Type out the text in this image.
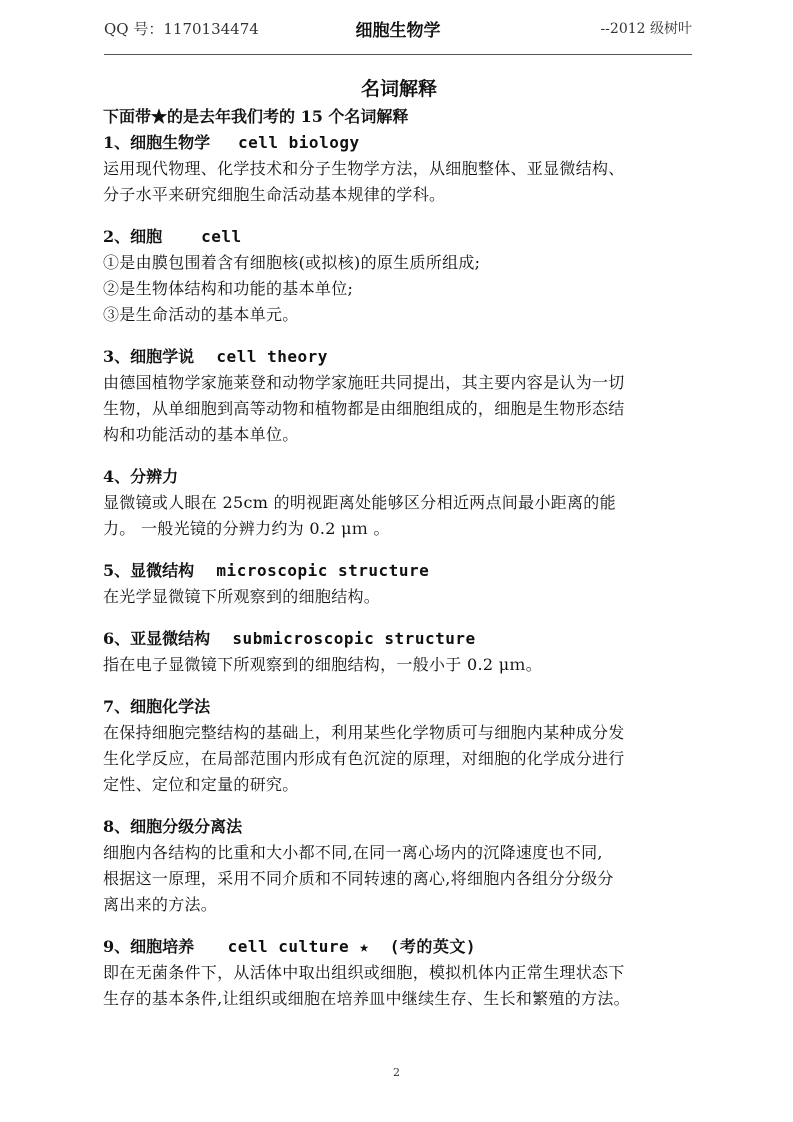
QQ 号：1170134474	细胞生物学	--2012 级树叶

名词解释

下面带★的是去年我们考的 15 个名词解释

1、细胞生物学 cell biology

运用现代物理、化学技术和分子生物学方法，从细胞整体、亚显微结构、

分子水平来研究细胞生命活动基本规律的学科。

2、细胞 cell

①是由膜包围着含有细胞核(或拟核)的原生质所组成;

②是生物体结构和功能的基本单位;

③是生命活动的基本单元。

3、细胞学说 cell theory

由德国植物学家施莱登和动物学家施旺共同提出，其主要内容是认为一切

生物，从单细胞到高等动物和植物都是由细胞组成的，细胞是生物形态结

构和功能活动的基本单位。

4、分辨力

显微镜或人眼在 25cm 的明视距离处能够区分相近两点间最小距离的能

力。 一般光镜的分辨力约为 0.2 μｍ 。

5、显微结构 microscopic structure

在光学显微镜下所观察到的细胞结构。

6、亚显微结构 submicroscopic structure

指在电子显微镜下所观察到的细胞结构，一般小于 0.2 μｍ。

7、细胞化学法

在保持细胞完整结构的基础上，利用某些化学物质可与细胞内某种成分发

生化学反应，在局部范围内形成有色沉淀的原理，对细胞的化学成分进行

定性、定位和定量的研究。

8、细胞分级分离法

细胞内各结构的比重和大小都不同,在同一离心场内的沉降速度也不同,

根据这一原理，采用不同介质和不同转速的离心,将细胞内各组分分级分

离出来的方法。

9、细胞培养 cell culture ★  (考的英文)

即在无菌条件下，从活体中取出组织或细胞，模拟机体内正常生理状态下

生存的基本条件,让组织或细胞在培养皿中继续生存、生长和繁殖的方法。

2
